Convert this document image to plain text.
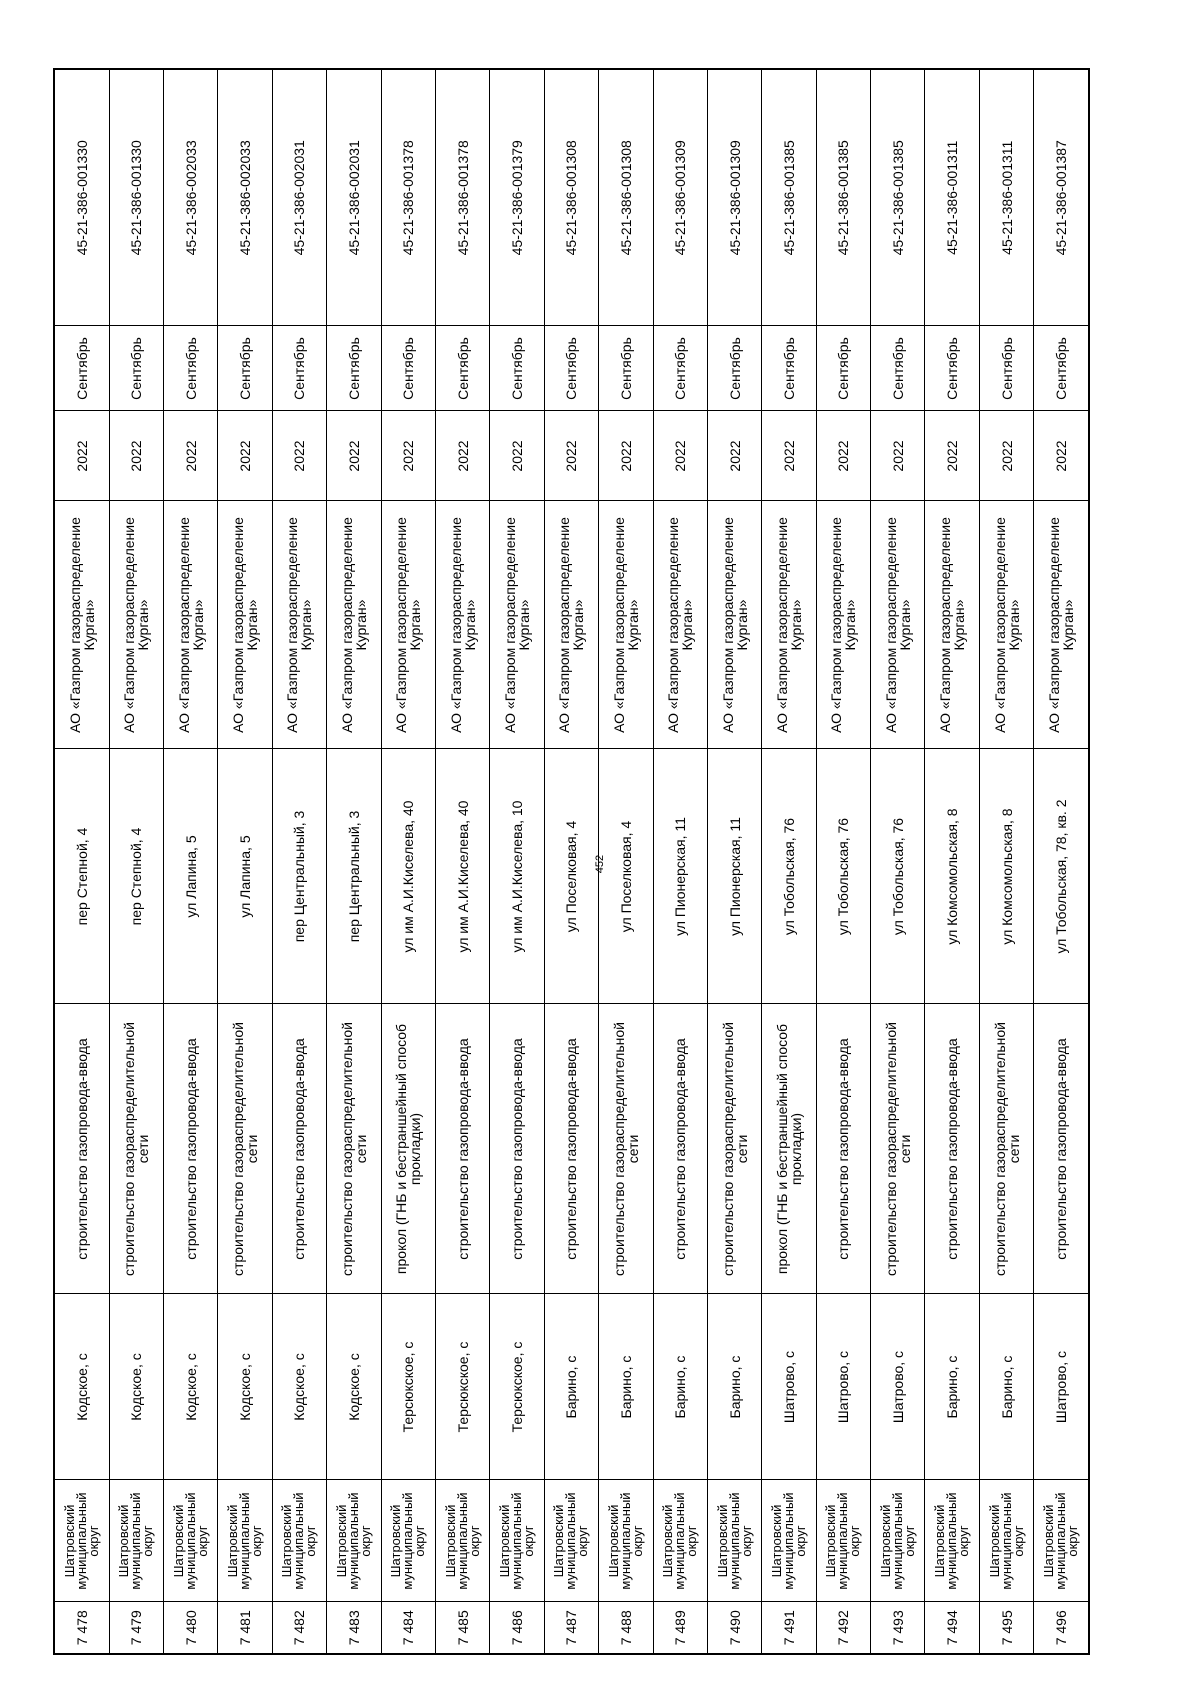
452
7 478	Шатровский муниципальный округ	Кодское, с	строительство газопровода-ввода	пер Степной, 4	АО «Газпром газораспределение Курган»	2022	Сентябрь	45-21-386-001330
7 479	Шатровский муниципальный округ	Кодское, с	строительство газораспределительной сети	пер Степной, 4	АО «Газпром газораспределение Курган»	2022	Сентябрь	45-21-386-001330
7 480	Шатровский муниципальный округ	Кодское, с	строительство газопровода-ввода	ул Лапина, 5	АО «Газпром газораспределение Курган»	2022	Сентябрь	45-21-386-002033
7 481	Шатровский муниципальный округ	Кодское, с	строительство газораспределительной сети	ул Лапина, 5	АО «Газпром газораспределение Курган»	2022	Сентябрь	45-21-386-002033
7 482	Шатровский муниципальный округ	Кодское, с	строительство газопровода-ввода	пер Центральный, 3	АО «Газпром газораспределение Курган»	2022	Сентябрь	45-21-386-002031
7 483	Шатровский муниципальный округ	Кодское, с	строительство газораспределительной сети	пер Центральный, 3	АО «Газпром газораспределение Курган»	2022	Сентябрь	45-21-386-002031
7 484	Шатровский муниципальный округ	Терсюкское, с	прокол (ГНБ и бестраншейный способ прокладки)	ул им А.И.Киселева, 40	АО «Газпром газораспределение Курган»	2022	Сентябрь	45-21-386-001378
7 485	Шатровский муниципальный округ	Терсюкское, с	строительство газопровода-ввода	ул им А.И.Киселева, 40	АО «Газпром газораспределение Курган»	2022	Сентябрь	45-21-386-001378
7 486	Шатровский муниципальный округ	Терсюкское, с	строительство газопровода-ввода	ул им А.И.Киселева, 10	АО «Газпром газораспределение Курган»	2022	Сентябрь	45-21-386-001379
7 487	Шатровский муниципальный округ	Барино, с	строительство газопровода-ввода	ул Поселковая, 4	АО «Газпром газораспределение Курган»	2022	Сентябрь	45-21-386-001308
7 488	Шатровский муниципальный округ	Барино, с	строительство газораспределительной сети	ул Поселковая, 4	АО «Газпром газораспределение Курган»	2022	Сентябрь	45-21-386-001308
7 489	Шатровский муниципальный округ	Барино, с	строительство газопровода-ввода	ул Пионерская, 11	АО «Газпром газораспределение Курган»	2022	Сентябрь	45-21-386-001309
7 490	Шатровский муниципальный округ	Барино, с	строительство газораспределительной сети	ул Пионерская, 11	АО «Газпром газораспределение Курган»	2022	Сентябрь	45-21-386-001309
7 491	Шатровский муниципальный округ	Шатрово, с	прокол (ГНБ и бестраншейный способ прокладки)	ул Тобольская, 76	АО «Газпром газораспределение Курган»	2022	Сентябрь	45-21-386-001385
7 492	Шатровский муниципальный округ	Шатрово, с	строительство газопровода-ввода	ул Тобольская, 76	АО «Газпром газораспределение Курган»	2022	Сентябрь	45-21-386-001385
7 493	Шатровский муниципальный округ	Шатрово, с	строительство газораспределительной сети	ул Тобольская, 76	АО «Газпром газораспределение Курган»	2022	Сентябрь	45-21-386-001385
7 494	Шатровский муниципальный округ	Барино, с	строительство газопровода-ввода	ул Комсомольская, 8	АО «Газпром газораспределение Курган»	2022	Сентябрь	45-21-386-001311
7 495	Шатровский муниципальный округ	Барино, с	строительство газораспределительной сети	ул Комсомольская, 8	АО «Газпром газораспределение Курган»	2022	Сентябрь	45-21-386-001311
7 496	Шатровский муниципальный округ	Шатрово, с	строительство газопровода-ввода	ул Тобольская, 78, кв. 2	АО «Газпром газораспределение Курган»	2022	Сентябрь	45-21-386-001387
